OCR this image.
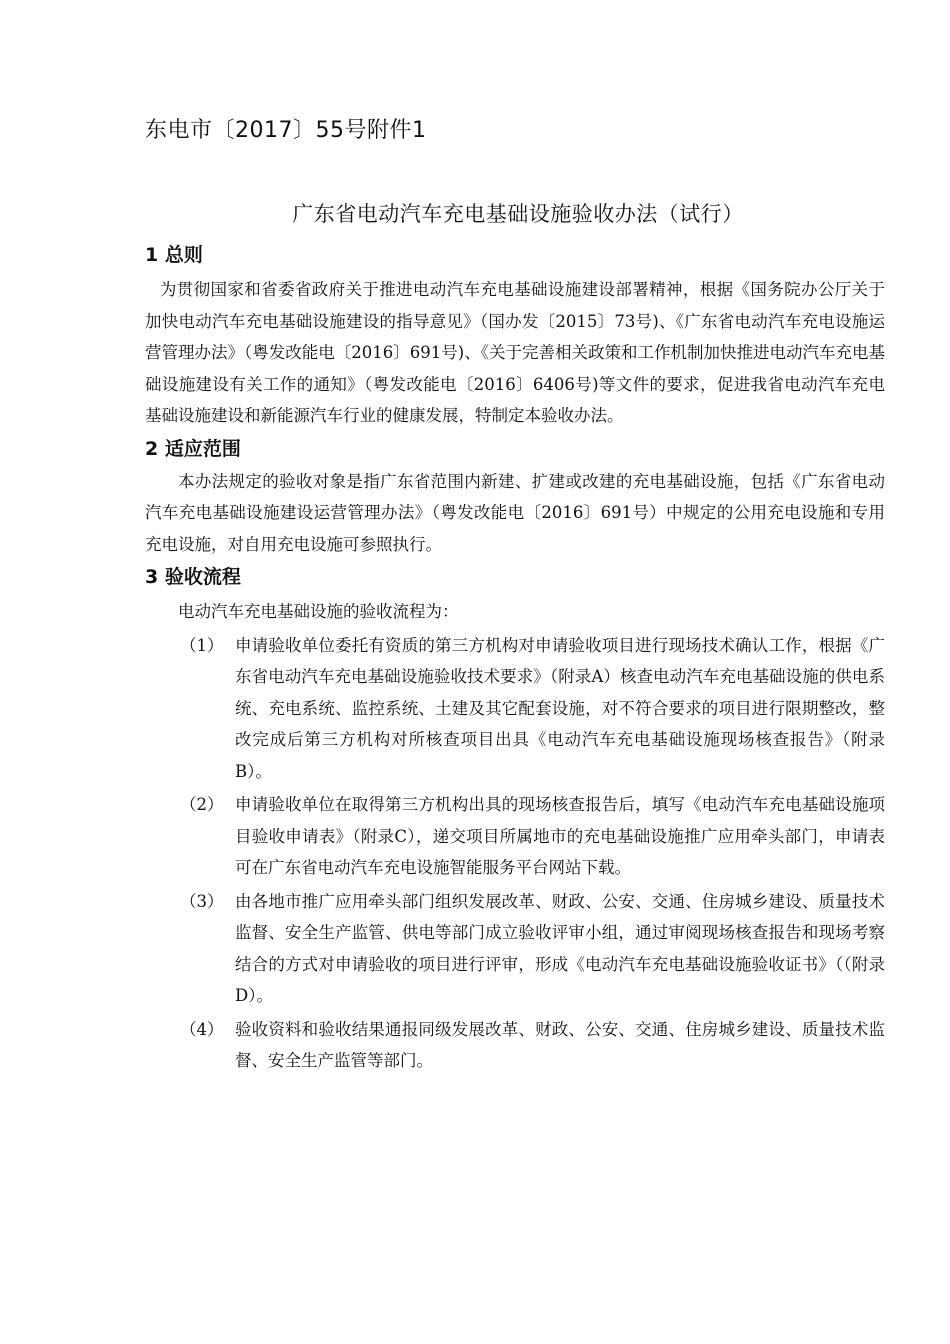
东电市〔2017〕55号附件1
广东省电动汽车充电基础设施验收办法（试行）
1 总则

为贯彻国家和省委省政府关于推进电动汽车充电基础设施建设部署精神，根据《国务院办公厅关于加快电动汽车充电基础设施建设的指导意见》（国办发〔2015〕73号)、《广东省电动汽车充电设施运营管理办法》（粤发改能电〔2016〕691号)、《关于完善相关政策和工作机制加快推进电动汽车充电基础设施建设有关工作的通知》（粤发改能电〔2016〕6406号)等文件的要求，促进我省电动汽车充电基础设施建设和新能源汽车行业的健康发展，特制定本验收办法。

2 适应范围

本办法规定的验收对象是指广东省范围内新建、扩建或改建的充电基础设施，包括《广东省电动汽车充电基础设施建设运营管理办法》（粤发改能电〔2016〕691号）中规定的公用充电设施和专用充电设施，对自用充电设施可参照执行。

3 验收流程

电动汽车充电基础设施的验收流程为：

（1） 申请验收单位委托有资质的第三方机构对申请验收项目进行现场技术确认工作，根据《广东省电动汽车充电基础设施验收技术要求》（附录A）核查电动汽车充电基础设施的供电系统、充电系统、监控系统、土建及其它配套设施，对不符合要求的项目进行限期整改，整改完成后第三方机构对所核查项目出具《电动汽车充电基础设施现场核查报告》（附录B）。
（2） 申请验收单位在取得第三方机构出具的现场核查报告后，填写《电动汽车充电基础设施项目验收申请表》（附录C），递交项目所属地市的充电基础设施推广应用牵头部门，申请表可在广东省电动汽车充电设施智能服务平台网站下载。
（3） 由各地市推广应用牵头部门组织发展改革、财政、公安、交通、住房城乡建设、质量技术监督、安全生产监管、供电等部门成立验收评审小组，通过审阅现场核查报告和现场考察结合的方式对申请验收的项目进行评审，形成《电动汽车充电基础设施验收证书》（（附录D）。
（4） 验收资料和验收结果通报同级发展改革、财政、公安、交通、住房城乡建设、质量技术监督、安全生产监管等部门。
